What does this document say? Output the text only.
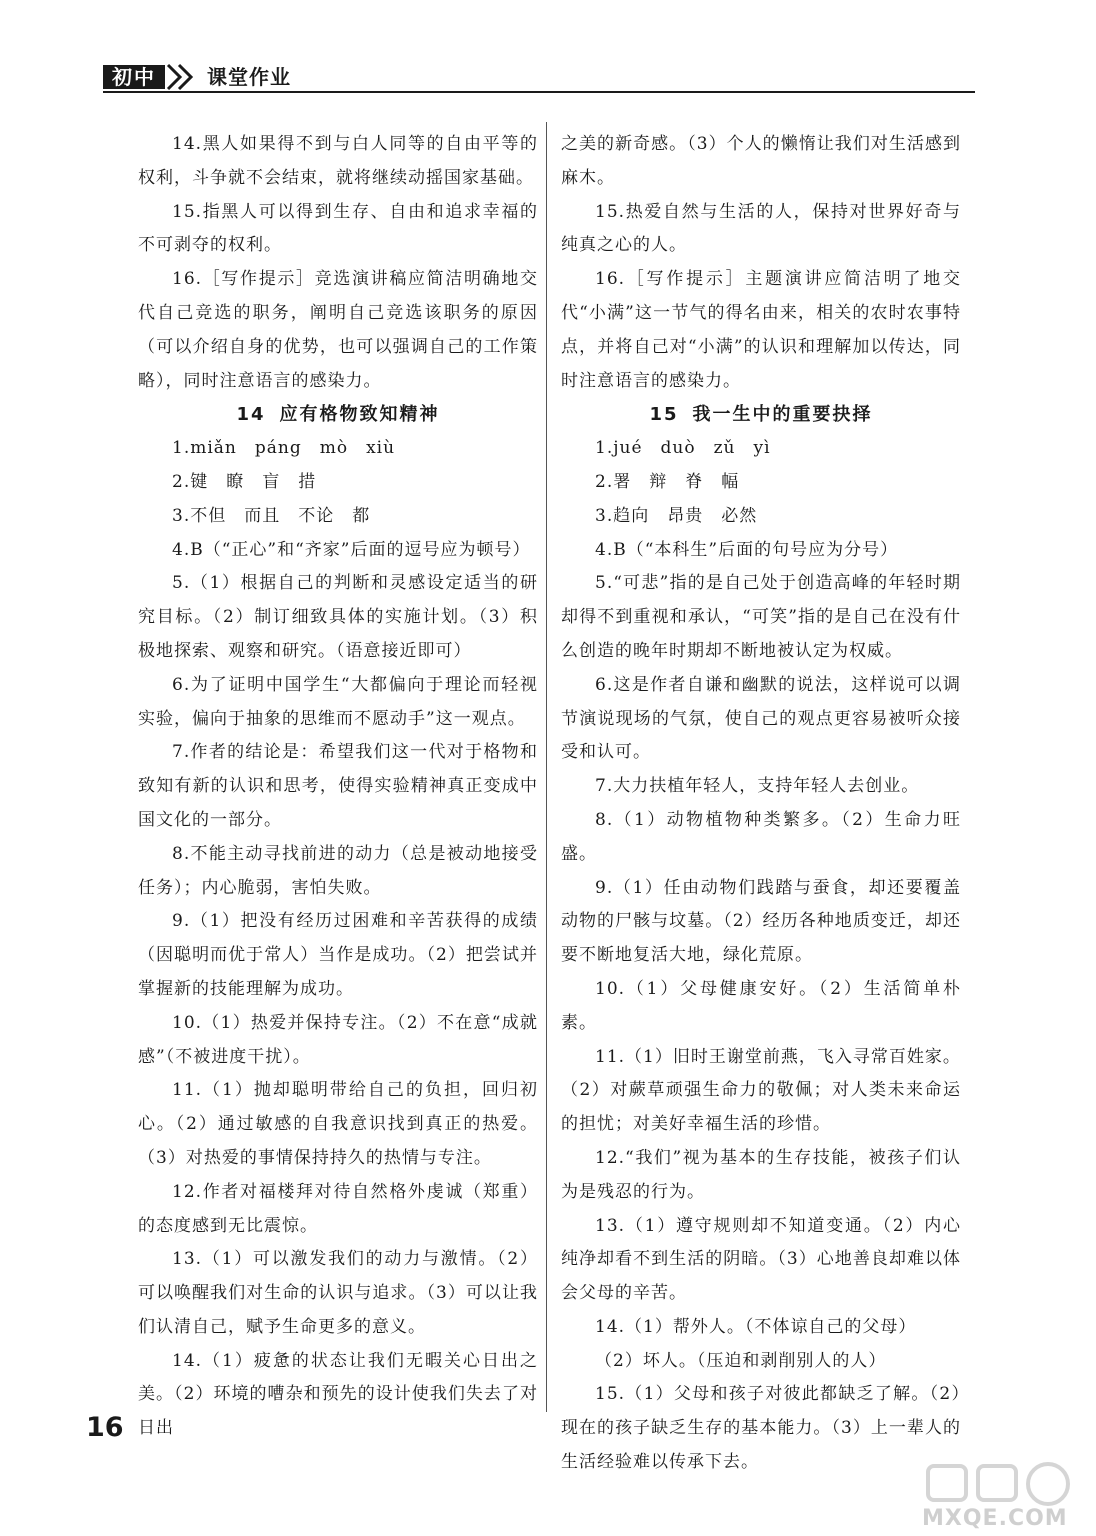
初中	课堂作业

14.黑人如果得不到与白人同等的自由平等的权利，斗争就不会结束，就将继续动摇国家基础。

15.指黑人可以得到生存、自由和追求幸福的不可剥夺的权利。

16.［写作提示］竞选演讲稿应简洁明确地交代自己竞选的职务，阐明自己竞选该职务的原因（可以介绍自身的优势，也可以强调自己的工作策略），同时注意语言的感染力。

14 应有格物致知精神

1.miǎn　páng　mò　xiù

2.键　瞭　盲　措

3.不但　而且　不论　都

4.B（“正心”和“齐家”后面的逗号应为顿号）

5.（1）根据自己的判断和灵感设定适当的研究目标。（2）制订细致具体的实施计划。（3）积极地探索、观察和研究。（语意接近即可）

6.为了证明中国学生“大都偏向于理论而轻视实验，偏向于抽象的思维而不愿动手”这一观点。

7.作者的结论是：希望我们这一代对于格物和致知有新的认识和思考，使得实验精神真正变成中国文化的一部分。

8.不能主动寻找前进的动力（总是被动地接受任务）；内心脆弱，害怕失败。

9.（1）把没有经历过困难和辛苦获得的成绩（因聪明而优于常人）当作是成功。（2）把尝试并掌握新的技能理解为成功。

10.（1）热爱并保持专注。（2）不在意“成就感”（不被进度干扰）。

11.（1）抛却聪明带给自己的负担，回归初心。（2）通过敏感的自我意识找到真正的热爱。（3）对热爱的事情保持持久的热情与专注。

12.作者对福楼拜对待自然格外虔诚（郑重）的态度感到无比震惊。

13.（1）可以激发我们的动力与激情。（2）可以唤醒我们对生命的认识与追求。（3）可以让我们认清自己，赋予生命更多的意义。

14.（1）疲惫的状态让我们无暇关心日出之美。（2）环境的嘈杂和预先的设计使我们失去了对日出

之美的新奇感。（3）个人的懒惰让我们对生活感到麻木。

15.热爱自然与生活的人，保持对世界好奇与纯真之心的人。

16.［写作提示］主题演讲应简洁明了地交代“小满”这一节气的得名由来，相关的农时农事特点，并将自己对“小满”的认识和理解加以传达，同时注意语言的感染力。

15 我一生中的重要抉择

1.jué　duò　zǔ　yì

2.署　辩　脊　幅

3.趋向　昂贵　必然

4.B（“本科生”后面的句号应为分号）

5.“可悲”指的是自己处于创造高峰的年轻时期却得不到重视和承认，“可笑”指的是自己在没有什么创造的晚年时期却不断地被认定为权威。

6.这是作者自谦和幽默的说法，这样说可以调节演说现场的气氛，使自己的观点更容易被听众接受和认可。

7.大力扶植年轻人，支持年轻人去创业。

8.（1）动物植物种类繁多。（2）生命力旺盛。

9.（1）任由动物们践踏与蚕食，却还要覆盖动物的尸骸与坟墓。（2）经历各种地质变迁，却还要不断地复活大地，绿化荒原。

10.（1）父母健康安好。（2）生活简单朴素。

11.（1）旧时王谢堂前燕，飞入寻常百姓家。

（2）对蕨草顽强生命力的敬佩；对人类未来命运的担忧；对美好幸福生活的珍惜。

12.“我们”视为基本的生存技能，被孩子们认为是残忍的行为。

13.（1）遵守规则却不知道变通。（2）内心纯净却看不到生活的阴暗。（3）心地善良却难以体会父母的辛苦。

14.（1）帮外人。（不体谅自己的父母）

（2）坏人。（压迫和剥削别人的人）

15.（1）父母和孩子对彼此都缺乏了解。（2）现在的孩子缺乏生存的基本能力。（3）上一辈人的生活经验难以传承下去。

16
MXQE.COM
